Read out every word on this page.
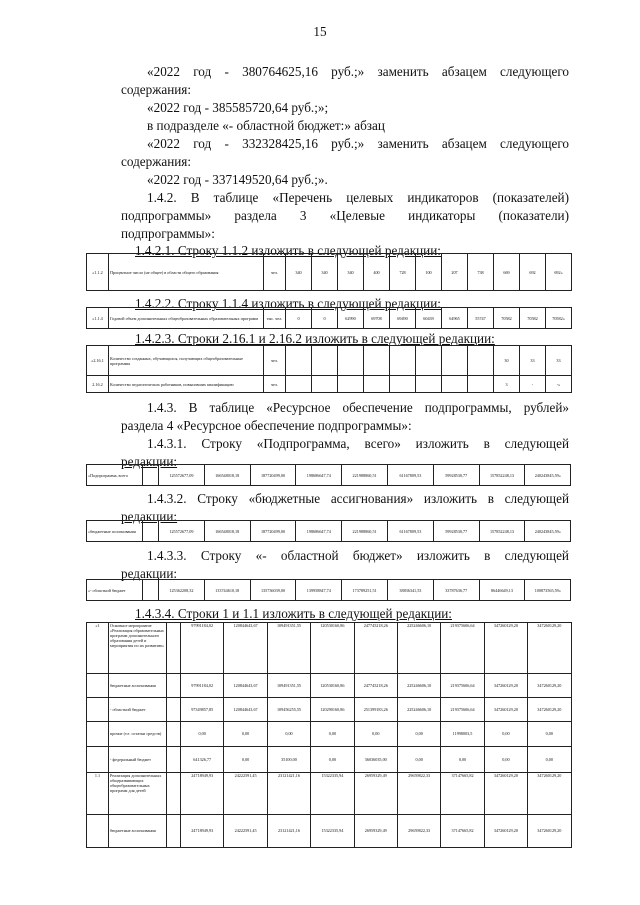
15
«2022 год - 380764625,16 руб.;» заменить абзацем следующего
содержания:
«2022 год - 385585720,64 руб.;»;
в подразделе «- областной бюджет:» абзац
«2022 год - 332328425,16 руб.;» заменить абзацем следующего
содержания:
«2022 год - 337149520,64 руб.;».
1.4.2. В таблице «Перечень целевых индикаторов (показателей)
подпрограммы» раздела 3 «Целевые индикаторы (показатели)
подпрограммы»:
1.4.2.1. Строку 1.1.2 изложить в следующей редакции:
«1.1.2	Процентное число (не общее) в области общего образования	чел.	340	340	340	400	728	100	207	738	669	692	692»
1.4.2.2. Строку 1.1.4 изложить в следующей редакции:
«1.1.4	Годовой объем дополнительных общеобразовательных образовательных программ	тыс. чел.	0	0	62990	69708	69490	60439	64965	55747	70582	70582	70582»
1.4.2.3. Строки 2.16.1 и 2.16.2 изложить в следующей редакции:
«2.16.1	Количество созданных, обучающихся, получающих общеобразовательные программы	чел.									30	33	33
2.16.2	Количество педагогических работников, повысивших квалификацию	чел.									3	-	-»
1.4.3. В таблице «Ресурсное обеспечение подпрограммы, рублей»
раздела 4 «Ресурсное обеспечение подпрограммы»:
1.4.3.1. Строку «Подпрограмма, всего» изложить в следующей
редакции:
«Подпрограмма, всего		125572677,09	166548018,18	187720499,00	198686647,74	221988860,51	61167809,53	59928530,77	157852248,13	240243845,59»
1.4.3.2. Строку «бюджетные ассигнования» изложить в следующей
редакции:
«бюджетные ассигнования		125572677,09	166548018,18	187720499,00	198686647,74	221988860,51	61167809,53	59928530,77	157852248,13	240243845,59»
1.4.3.3. Строку «- областной бюджет» изложить в следующей
редакции:
«- областной бюджет		125362208,32	133744610,18	135736039,00	139958847,74	173789251,51	38836341,53	33787636,77	86446649,13	100873565,59»
1.4.3.4. Строки 1 и 1.1 изложить в следующей редакции:
«1	Основное мероприятие «Реализация образовательных программ дополнительного образования детей и мероприятия по их развитию»		97991184,02	120844643,67	109491351,55	120530160,86	247745218,26	225246606,10	219375606,64	347260129,20	347260129,20
	бюджетные ассигнования		97991184,02	120844643,67	109491351,55	120530160,86	247745218,26	225246606,10	219375606,64	347260129,20	347260129,20
	- областной бюджет		97349857,85	120844643,67	109456255,55	120290160,86	251399183,26	225246606,10	219375606,64	347260129,20	347260129,20
	прочие (т.е. остатки средств)		0,00	0,00	0,00	0,00	0,00	0,00	11998003,5	0,00	0,00
	- федеральный бюджет		641326,77	0,00	35100,00	0,00	36036035,00	0,00	0,00	0,00	0,00
1.1	Реализация дополнительных общеразвивающих общеобразовательных программ для детей		24718949,93	24222591,45	23121421,16	15322335,94	26959329,49	29659822,33	37147665,82	347260129,20	347260129,20
	бюджетные ассигнования		24718949,93	24222591,45	23121421,16	15322335,94	26959329,49	29659822,33	37147665,82	347260129,20	347260129,20
